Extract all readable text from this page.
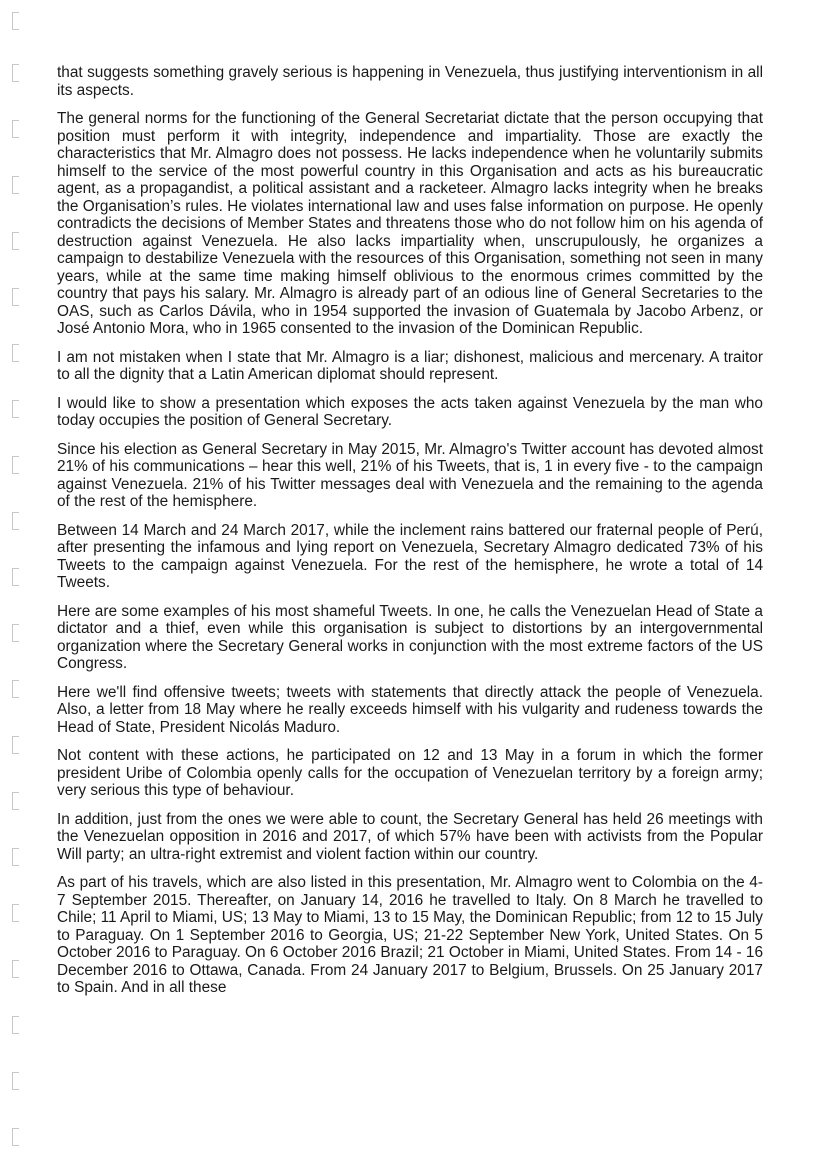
that suggests something gravely serious is happening in Venezuela, thus justifying interventionism in all its aspects.

The general norms for the functioning of the General Secretariat dictate that the person occupying that position must perform it with integrity, independence and impartiality. Those are exactly the characteristics that Mr. Almagro does not possess. He lacks independence when he voluntarily submits himself to the service of the most powerful country in this Organisation and acts as his bureaucratic agent, as a propagandist, a political assistant and a racketeer. Almagro lacks integrity when he breaks the Organisation’s rules. He violates international law and uses false information on purpose. He openly contradicts the decisions of Member States and threatens those who do not follow him on his agenda of destruction against Venezuela. He also lacks impartiality when, unscrupulously, he organizes a campaign to destabilize Venezuela with the resources of this Organisation, something not seen in many years, while at the same time making himself oblivious to the enormous crimes committed by the country that pays his salary. Mr. Almagro is already part of an odious line of General Secretaries to the OAS, such as Carlos Dávila, who in 1954 supported the invasion of Guatemala by Jacobo Arbenz, or José Antonio Mora, who in 1965 consented to the invasion of the Dominican Republic.

I am not mistaken when I state that Mr. Almagro is a liar; dishonest, malicious and mercenary. A traitor to all the dignity that a Latin American diplomat should represent.

I would like to show a presentation which exposes the acts taken against Venezuela by the man who today occupies the position of General Secretary.

Since his election as General Secretary in May 2015, Mr. Almagro's Twitter account has devoted almost 21% of his communications – hear this well, 21% of his Tweets, that is, 1 in every five - to the campaign against Venezuela. 21% of his Twitter messages deal with Venezuela and the remaining to the agenda of the rest of the hemisphere.

Between 14 March and 24 March 2017, while the inclement rains battered our fraternal people of Perú, after presenting the infamous and lying report on Venezuela, Secretary Almagro dedicated 73% of his Tweets to the campaign against Venezuela. For the rest of the hemisphere, he wrote a total of 14 Tweets.

Here are some examples of his most shameful Tweets. In one, he calls the Venezuelan Head of State a dictator and a thief, even while this organisation is subject to distortions by an intergovernmental organization where the Secretary General works in conjunction with the most extreme factors of the US Congress.

Here we'll find offensive tweets; tweets with statements that directly attack the people of Venezuela. Also, a letter from 18 May where he really exceeds himself with his vulgarity and rudeness towards the Head of State, President Nicolás Maduro.

Not content with these actions, he participated on 12 and 13 May in a forum in which the former president Uribe of Colombia openly calls for the occupation of Venezuelan territory by a foreign army; very serious this type of behaviour.

In addition, just from the ones we were able to count, the Secretary General has held 26 meetings with the Venezuelan opposition in 2016 and 2017, of which 57% have been with activists from the Popular Will party; an ultra-right extremist and violent faction within our country.

As part of his travels, which are also listed in this presentation, Mr. Almagro went to Colombia on the 4-7 September 2015. Thereafter, on January 14, 2016 he travelled to Italy. On 8 March he travelled to Chile; 11 April to Miami, US; 13 May to Miami, 13 to 15 May, the Dominican Republic; from 12 to 15 July to Paraguay. On 1 September 2016 to Georgia, US; 21-22 September New York, United States. On 5 October 2016 to Paraguay. On 6 October 2016 Brazil; 21 October in Miami, United States. From 14 - 16 December 2016 to Ottawa, Canada. From 24 January 2017 to Belgium, Brussels. On 25 January 2017 to Spain. And in all these
